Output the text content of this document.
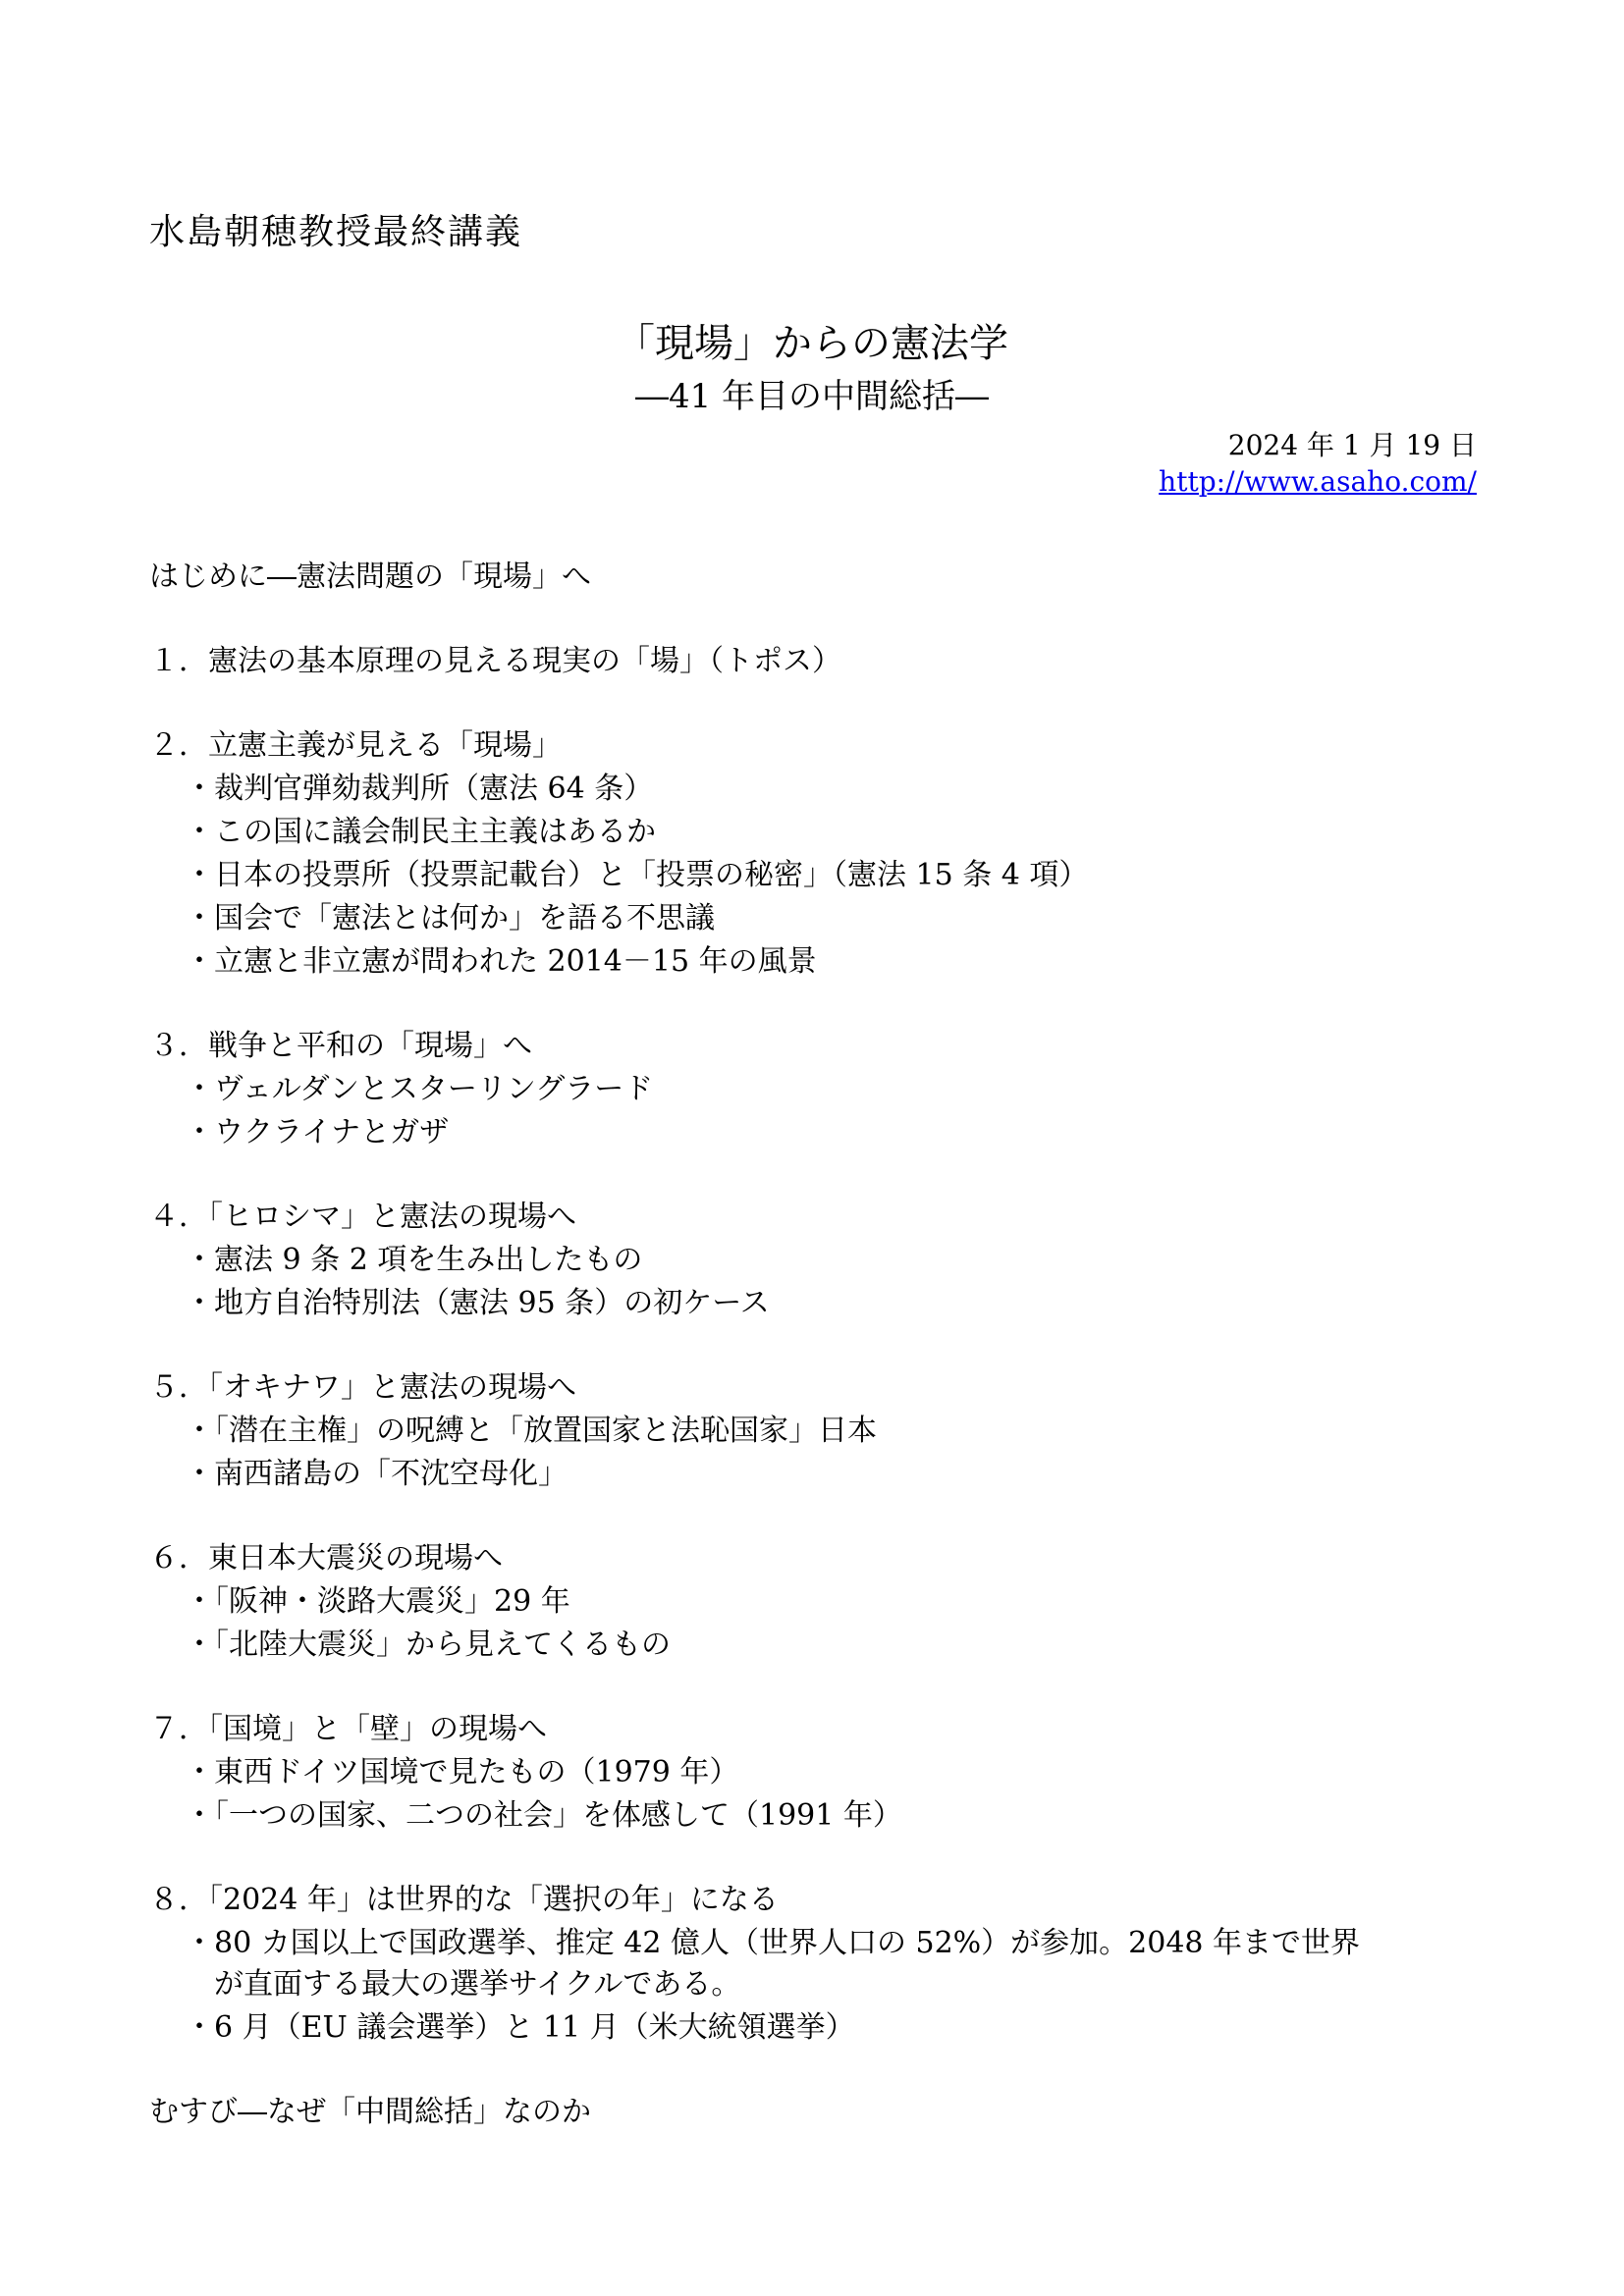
水島朝穂教授最終講義
「現場」からの憲法学
―41 年目の中間総括―
2024 年 1 月 19 日
http://www.asaho.com/
はじめに―憲法問題の「現場」へ
１．憲法の基本原理の見える現実の「場」（トポス）
２．立憲主義が見える「現場」
・裁判官弾劾裁判所（憲法 64 条）
・この国に議会制民主主義はあるか
・日本の投票所（投票記載台）と「投票の秘密」（憲法 15 条 4 項）
・国会で「憲法とは何か」を語る不思議
・立憲と非立憲が問われた 2014－15 年の風景
３．戦争と平和の「現場」へ
・ヴェルダンとスターリングラード
・ウクライナとガザ
４．「ヒロシマ」と憲法の現場へ
・憲法 9 条 2 項を生み出したもの
・地方自治特別法（憲法 95 条）の初ケース
５．「オキナワ」と憲法の現場へ
・「潜在主権」の呪縛と「放置国家と法恥国家」日本
・南西諸島の「不沈空母化」
６．東日本大震災の現場へ
・「阪神・淡路大震災」29 年
・「北陸大震災」から見えてくるもの
７．「国境」と「壁」の現場へ
・東西ドイツ国境で見たもの（1979 年）
・「一つの国家、二つの社会」を体感して（1991 年）
８．「2024 年」は世界的な「選択の年」になる
・80 カ国以上で国政選挙、推定 42 億人（世界人口の 52%）が参加。2048 年まで世界
が直面する最大の選挙サイクルである。
・6 月（EU 議会選挙）と 11 月（米大統領選挙）
むすび―なぜ「中間総括」なのか
